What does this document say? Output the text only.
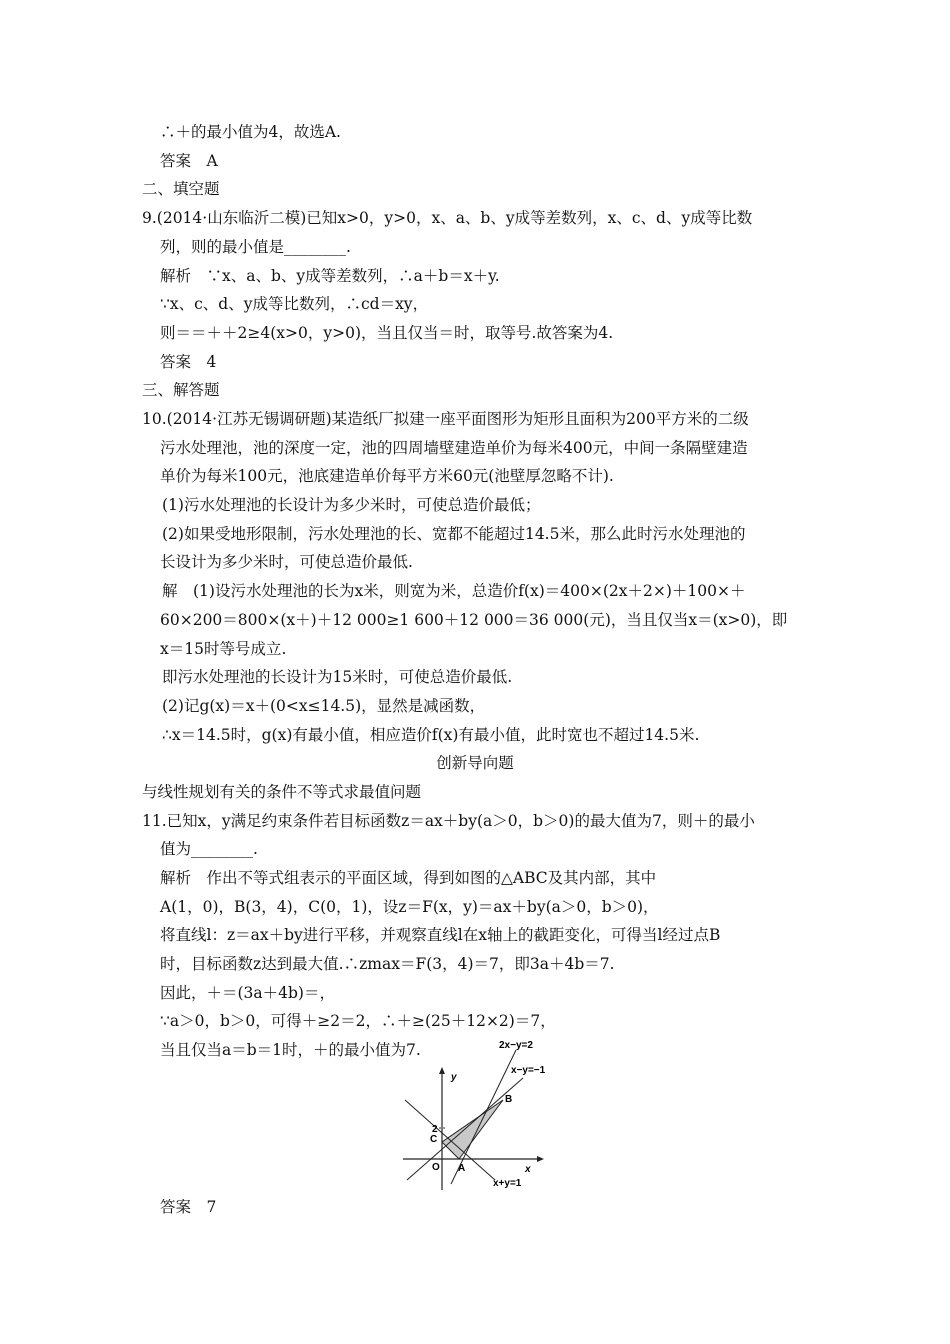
∴＋的最小值为4，故选A.
答案　A
二、填空题
9.(2014·山东临沂二模)已知x>0，y>0，x、a、b、y成等差数列，x、c、d、y成等比数
列，则的最小值是________.
解析　∵x、a、b、y成等差数列，∴a＋b＝x＋y.
∵x、c、d、y成等比数列，∴cd＝xy，
则＝＝＋＋2≥4(x>0，y>0)，当且仅当＝时，取等号.故答案为4.
答案　4
三、解答题
10.(2014·江苏无锡调研题)某造纸厂拟建一座平面图形为矩形且面积为200平方米的二级
污水处理池，池的深度一定，池的四周墙壁建造单价为每米400元，中间一条隔壁建造
单价为每米100元，池底建造单价每平方米60元(池壁厚忽略不计).
(1)污水处理池的长设计为多少米时，可使总造价最低；
(2)如果受地形限制，污水处理池的长、宽都不能超过14.5米，那么此时污水处理池的
长设计为多少米时，可使总造价最低.
解　(1)设污水处理池的长为x米，则宽为米，总造价f(x)＝400×(2x＋2×)＋100×＋
60×200＝800×(x＋)＋12 000≥1 600＋12 000＝36 000(元)，当且仅当x＝(x>0)，即
x＝15时等号成立.
即污水处理池的长设计为15米时，可使总造价最低.
(2)记g(x)＝x＋(0<x≤14.5)，显然是减函数，
∴x＝14.5时，g(x)有最小值，相应造价f(x)有最小值，此时宽也不超过14.5米.
创新导向题
与线性规划有关的条件不等式求最值问题
11.已知x，y满足约束条件若目标函数z＝ax＋by(a＞0，b＞0)的最大值为7，则＋的最小
值为________.
解析　作出不等式组表示的平面区域，得到如图的△ABC及其内部，其中
A(1，0)，B(3，4)，C(0，1)，设z＝F(x，y)＝ax＋by(a＞0，b＞0)，
将直线l：z＝ax＋by进行平移，并观察直线l在x轴上的截距变化，可得当l经过点B
时，目标函数z达到最大值.∴zmax＝F(3，4)＝7，即3a＋4b＝7.
因此，＋＝(3a＋4b)＝，
∵a＞0，b＞0，可得＋≥2＝2，∴＋≥(25＋12×2)＝7，
当且仅当a＝b＝1时，＋的最小值为7.	2x−y=2
x−y=−1
x+y=1
y
x
O
2
A
B
C
答案　7
